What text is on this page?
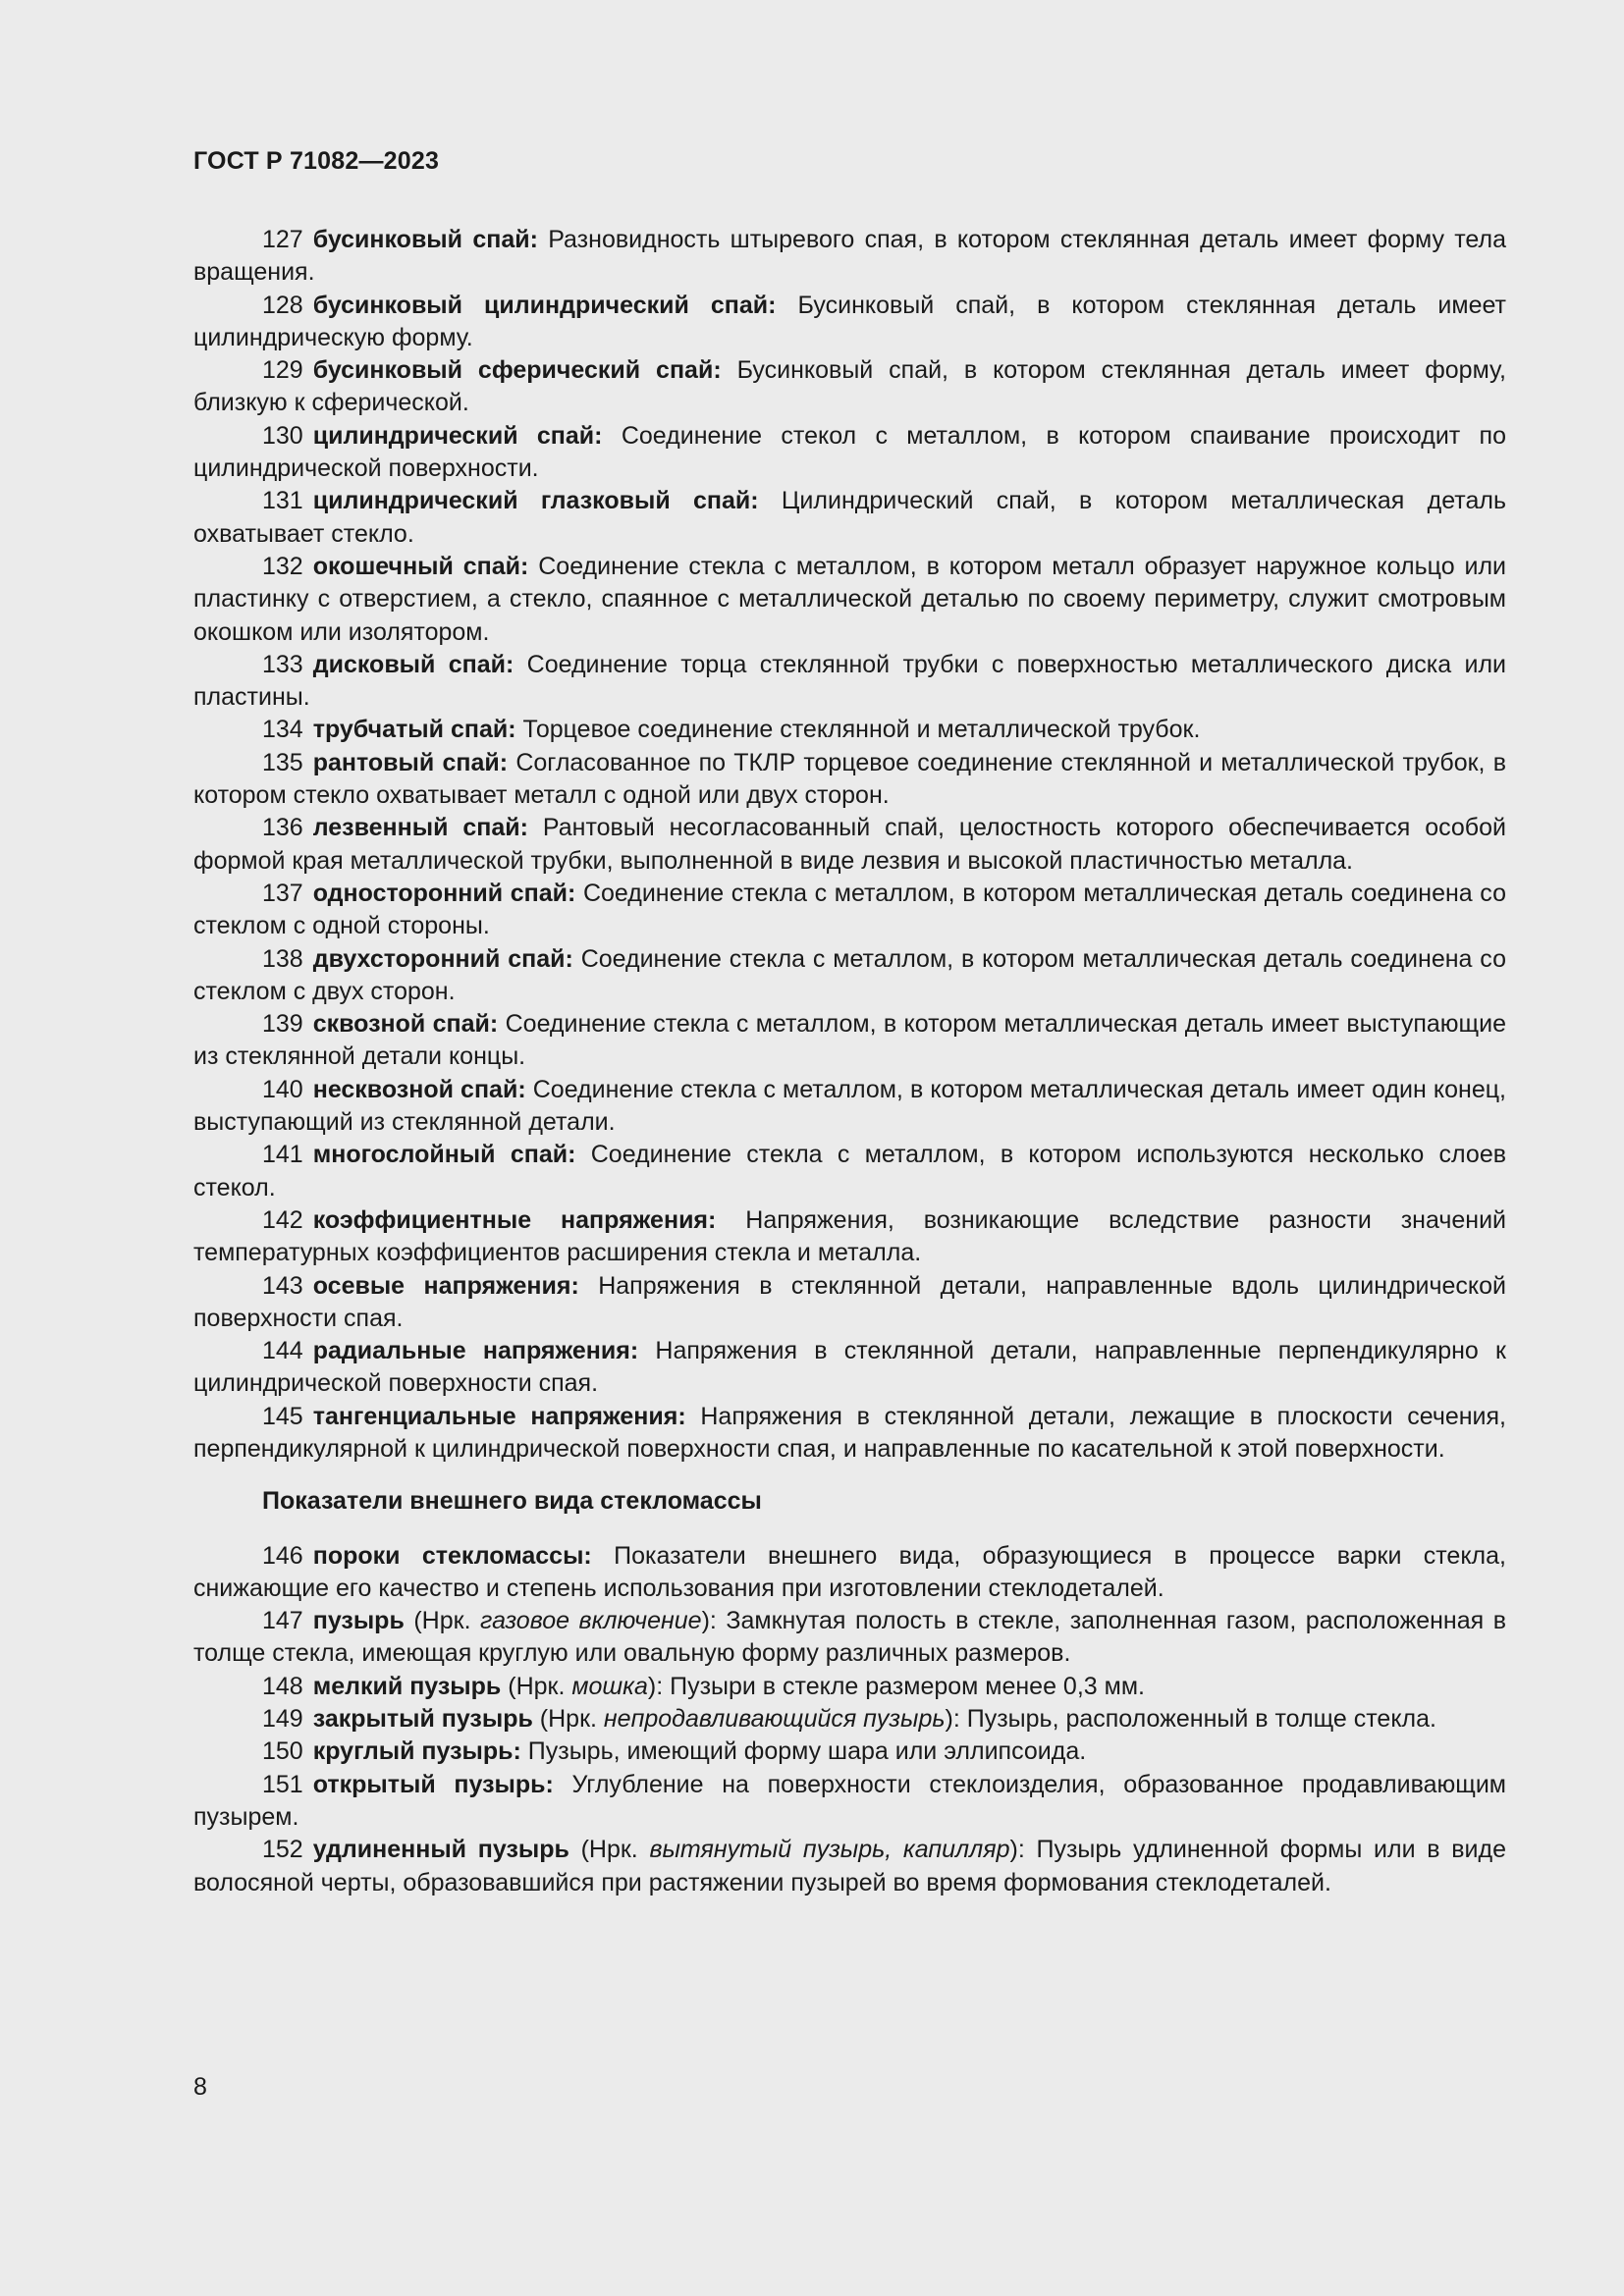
ГОСТ Р 71082—2023

127 бусинковый спай: Разновидность штыревого спая, в котором стеклянная деталь имеет форму тела вращения.

128 бусинковый цилиндрический спай: Бусинковый спай, в котором стеклянная деталь имеет цилиндрическую форму.

129 бусинковый сферический спай: Бусинковый спай, в котором стеклянная деталь имеет форму, близкую к сферической.

130 цилиндрический спай: Соединение стекол с металлом, в котором спаивание происходит по цилиндрической поверхности.

131 цилиндрический глазковый спай: Цилиндрический спай, в котором металлическая деталь охватывает стекло.

132 окошечный спай: Соединение стекла с металлом, в котором металл образует наружное кольцо или пластинку с отверстием, а стекло, спаянное с металлической деталью по своему периметру, служит смотровым окошком или изолятором.

133 дисковый спай: Соединение торца стеклянной трубки с поверхностью металлического диска или пластины.

134 трубчатый спай: Торцевое соединение стеклянной и металлической трубок.

135 рантовый спай: Согласованное по ТКЛР торцевое соединение стеклянной и металлической трубок, в котором стекло охватывает металл с одной или двух сторон.

136 лезвенный спай: Рантовый несогласованный спай, целостность которого обеспечивается особой формой края металлической трубки, выполненной в виде лезвия и высокой пластичностью металла.

137 односторонний спай: Соединение стекла с металлом, в котором металлическая деталь соединена со стеклом с одной стороны.

138 двухсторонний спай: Соединение стекла с металлом, в котором металлическая деталь соединена со стеклом с двух сторон.

139 сквозной спай: Соединение стекла с металлом, в котором металлическая деталь имеет выступающие из стеклянной детали концы.

140 несквозной спай: Соединение стекла с металлом, в котором металлическая деталь имеет один конец, выступающий из стеклянной детали.

141 многослойный спай: Соединение стекла с металлом, в котором используются несколько слоев стекол.

142 коэффициентные напряжения: Напряжения, возникающие вследствие разности значений температурных коэффициентов расширения стекла и металла.

143 осевые напряжения: Напряжения в стеклянной детали, направленные вдоль цилиндрической поверхности спая.

144 радиальные напряжения: Напряжения в стеклянной детали, направленные перпендикулярно к цилиндрической поверхности спая.

145 тангенциальные напряжения: Напряжения в стеклянной детали, лежащие в плоскости сечения, перпендикулярной к цилиндрической поверхности спая, и направленные по касательной к этой поверхности.

Показатели внешнего вида стекломассы

146 пороки стекломассы: Показатели внешнего вида, образующиеся в процессе варки стекла, снижающие его качество и степень использования при изготовлении стеклодеталей.

147 пузырь (Нрк. газовое включение): Замкнутая полость в стекле, заполненная газом, расположенная в толще стекла, имеющая круглую или овальную форму различных размеров.

148 мелкий пузырь (Нрк. мошка): Пузыри в стекле размером менее 0,3 мм.

149 закрытый пузырь (Нрк. непродавливающийся пузырь): Пузырь, расположенный в толще стекла.

150 круглый пузырь: Пузырь, имеющий форму шара или эллипсоида.

151 открытый пузырь: Углубление на поверхности стеклоизделия, образованное продавливающим пузырем.

152 удлиненный пузырь (Нрк. вытянутый пузырь, капилляр): Пузырь удлиненной формы или в виде волосяной черты, образовавшийся при растяжении пузырей во время формования стеклодеталей.

8
